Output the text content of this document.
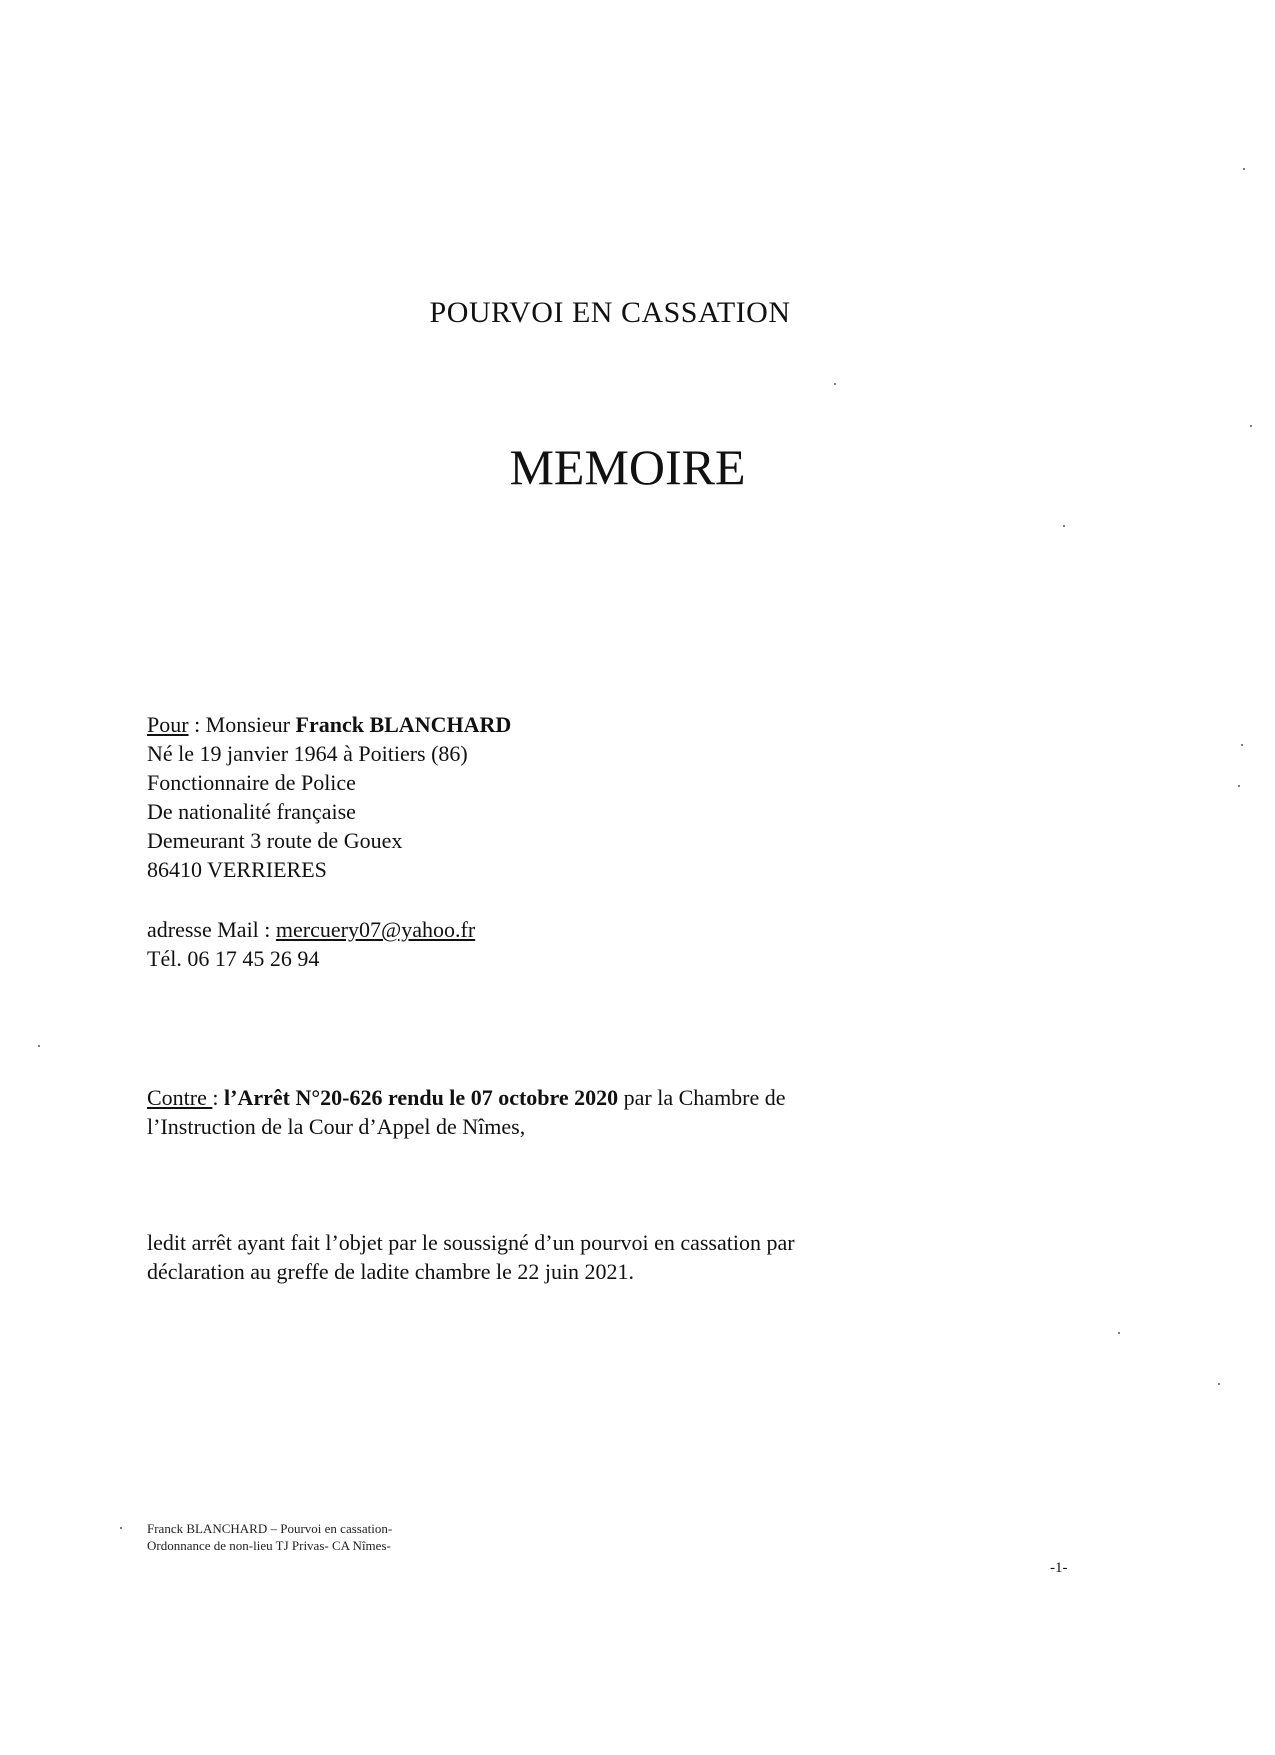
POURVOI EN CASSATION
MEMOIRE
Pour : Monsieur Franck BLANCHARD
Né le 19 janvier 1964 à Poitiers (86)
Fonctionnaire de Police
De nationalité française
Demeurant 3 route de Gouex
86410 VERRIERES
adresse Mail : mercuery07@yahoo.fr
Tél. 06 17 45 26 94
Contre : l’Arrêt N°20-626 rendu le 07 octobre 2020 par la Chambre de
l’Instruction de la Cour d’Appel de Nîmes,
ledit arrêt ayant fait l’objet par le soussigné d’un pourvoi en cassation par
déclaration au greffe de ladite chambre le 22 juin 2021.
Franck BLANCHARD – Pourvoi en cassation-
Ordonnance de non-lieu TJ Privas- CA Nîmes-
-1-
